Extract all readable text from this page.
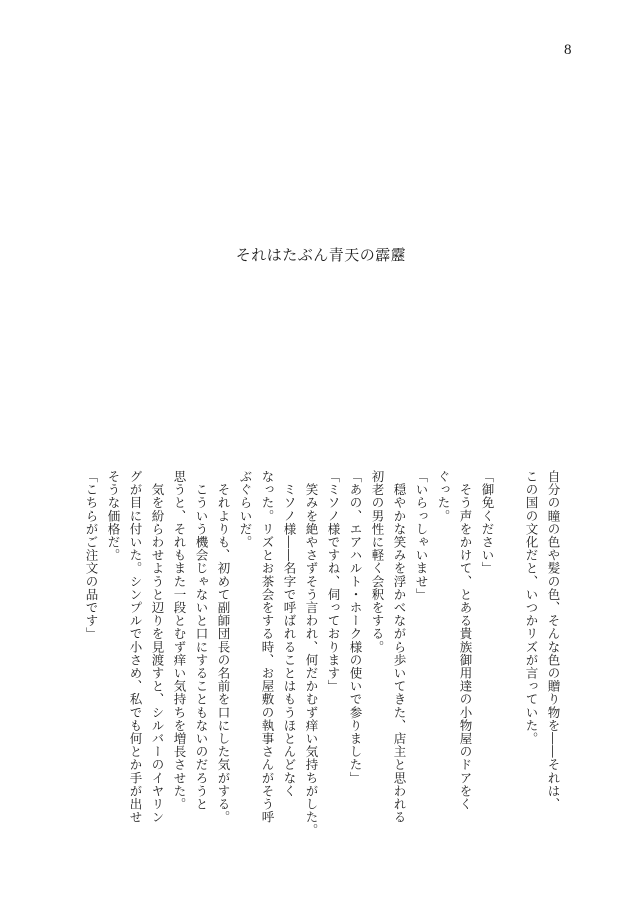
8
それはたぶん青天の霹靂

自分の瞳の色や髪の色、そんな色の贈り物を――それは、

この国の文化だと、いつかリズが言っていた。

「御免ください」

　そう声をかけて、とある貴族御用達の小物屋のドアをく

ぐった。

「いらっしゃいませ」

　穏やかな笑みを浮かべながら歩いてきた、店主と思われる

初老の男性に軽く会釈をする。

「あの、エアハルト・ホーク様の使いで参りました」

「ミソノ様ですね、伺っております」

　笑みを絶やさずそう言われ、何だかむず痒い気持ちがした。

　ミソノ様――名字で呼ばれることはもうほとんどなく

なった。リズとお茶会をする時、お屋敷の執事さんがそう呼

ぶぐらいだ。

　それよりも、初めて副師団長の名前を口にした気がする。

　こういう機会じゃないと口にすることもないのだろうと

思うと、それもまた一段とむず痒い気持ちを増長させた。

　気を紛らわせようと辺りを見渡すと、シルバーのイヤリン

グが目に付いた。シンプルで小さめ、私でも何とか手が出せ

そうな価格だ。

「こちらがご注文の品です」
